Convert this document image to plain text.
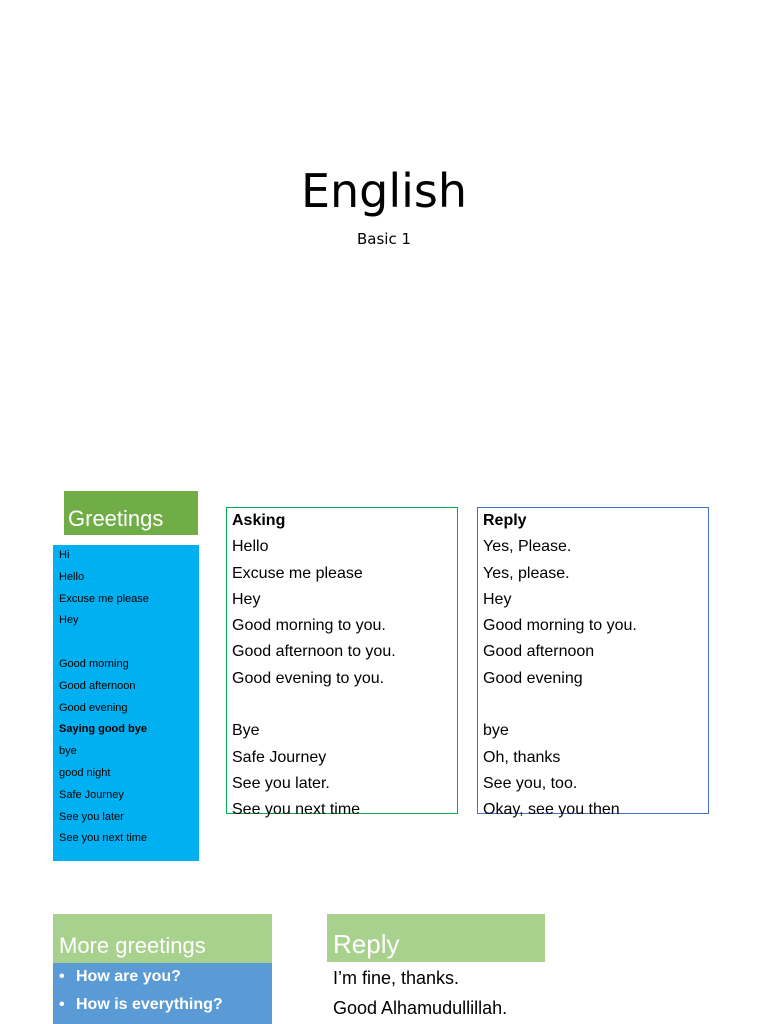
English
Basic 1
Greetings
Hi
Hello
Excuse me please
Hey
Good morning
Good afternoon
Good evening
Saying good bye
bye
good night
Safe Journey
See you later
See you next time
Asking
Hello
Excuse me please
Hey
Good morning to you.
Good afternoon to you.
Good evening to you.
Bye
Safe Journey
See you later.
See you next time
Reply
Yes, Please.
Yes, please.
Hey
Good morning to you.
Good afternoon
Good evening
bye
Oh, thanks
See you, too.
Okay, see you then
More greetings
• How are you?
• How is everything?
Reply
I’m fine, thanks.
Good Alhamudullillah.
